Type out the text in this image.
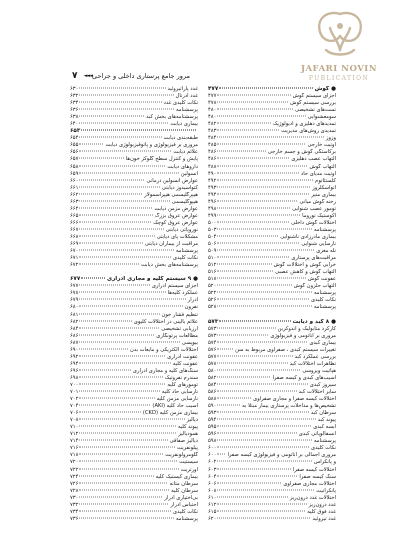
۷ ◄◄◄ مرور جامع پرستاری داخلی و جراحی
JAFARI NOVIN
PUBLICATION
غدد پاراتیروئید
۶۳۰
غدد آدرنال
۶۳۲
نکات کلیدی غدد
۶۳۴
پرسشنامه
۶۳۶
پرسشنامه‌های بخش کبد
۶۳۸
بیماری دیابت
۶۴۰
۶۵۳
طبقه‌بندی دیابت
۶۵۴
مروری بر فیزیولوژی و پاتوفیزیولوژی دیابت
۶۵۵
علائم دیابت
۶۵۶
پایش و کنترل سطح گلوکز خون‌ها
۶۵۷
داروهای دیابت
۶۵۸
انسولین
۶۵۹
عوارض انسولین درمانی
۶۶۰
کتواسیدوز دیابتی
۶۶۱
هیپرگلیسمی هیپراسمولار
۶۶۲
هیپوگلیسمی
۶۶۳
عوارض مزمن دیابت
۶۶۴
عوارض عروق بزرگ
۶۶۵
عوارض عروق کوچک
۶۶۶
نوروپاتی دیابتی
۶۶۷
مشکلات پای دیابتی
۶۶۸
مراقبت از بیماران دیابتی
۶۶۹
پرسشنامه
۶۷۰
نکات کلیدی
۶۷۱
پرسشنامه‌های بخش دیابت
۶۷۲
● ۹ سیستم کلیه و مجاری ادراری
۶۷۷
اجزای سیستم ادراری
۶۷۷
عملکرد کلیه‌ها
۶۷۸
ادرار
۶۷۹
نفرون
۶۸۰
تنظیم فشار خون
۶۸۱
علائم بالینی در اختلالات کلیوی
۶۸۲
ارزیابی تشخیصی
۶۸۴
مطالعات پرتونگاری
۶۸۶
بیوپسی
۶۸۷
اختلالات الکتریکی و مایعات بدن
۶۹۰
عفونت ادراری
۶۹۲
عفونت کلیه
۶۹۴
سنگ‌های کلیه و مجاری ادراری
۶۹۶
سندرم نفروتیک
۶۹۸
تومورهای کلیه
۷۰۰
نارسایی حاد کلیه
۷۰۱
نارسایی مزمن کلیه
۷۰۲
آسیب حاد کلیه (AKI)
۷۰۴
بیماری مزمن کلیه (CKD)
۷۰۶
دیالیز
۷۰۸
پیوند کلیه
۷۱۰
همودیالیز
۷۱۲
دیالیز صفاقی
۷۱۴
پیلونفریت
۷۱۶
گلومرولونفریت
۷۱۸
سیستیت
۷۲۰
اورتریت
۷۲۲
بیماری کیستیک کلیه
۷۲۴
سرطان مثانه
۷۲۶
سرطان کلیه
۷۲۸
بی‌اختیاری ادرار
۷۳۰
احتباس ادرار
۷۳۲
نکات کلیدی
۷۳۴
پرسشنامه
۷۳۶
● گوش
۴۷۷
اجزای سیستم گوش
۴۷۷
بررسی سیستم گوش
۴۷۸
تست‌های تشخیصی
۴۸۰
سومعشنوایی
۴۸۰
تمدیدهای دهلیزی و ادیولوژیک
۴۸۲
تمدیدی روش‌های مدیریت
۴۸۳
وزوز
۴۸۴
اوتیت خارجی
۴۸۵
برکاستگی گوش و جسم خارجی
۴۸۶
التهاب عصب دهلیزی
۴۸۶
التهاب گوش
۴۸۸
اوتیت مدیای حاد
۴۹۰
کلستئاتوم
۴۹۲
اتواسکلروز
۴۹۳
بیماری منیر
۴۹۴
رخنه گوش میانی
۴۹۶
تومور عصب شنوایی
۴۹۸
آکوستیک نوروما
۴۹۹
اختلالات گوش داخلی
۵۰۰
پرسشنامه
۵۰۳
بیماری مادرزادی ناشنوایی
۵۰۴
نارسایی شنوایی
۵۰۶
تله مغزی
۵۰۹
مراقبت‌های پرستاری
۵۱۰
خرابی گوش و اختلالات گوش
۵۱۲
التهاب گوش و کاهش عصبی
۵۱۶
عفونت گوش
۵۱۸
التهاب حلزون گوش
۵۲۰
پرسشنامه
۵۲۲
نکات کلیدی
۵۲۶
پرسشنامه
۵۲۸
● ۸ کبد و دیابت
۵۷۳
کارکرد متابولیک و اندوکرین
۵۷۳
مروری بر آناتومی و فیزیولوژی
۵۷۳
بیماری کبدی
۵۷۴
تغییرات سیستم کبدی ، صفراوی مربوط به سن
۵۷۶
بررسی عملکرد کبد
۵۷۷
تظاهرات اختلالات کبد
۵۷۸
هپاتیت ویروسی
۵۸۰
آسیب‌های کبدی و کیسه صفرا
۵۸۲
سیروز کبدی
۵۸۴
سایر اختلالات کبد
۵۸۶
اختلالات کیسه صفرا و مجاری صفراوی
۵۸۸
تشخیص‌ها و مداخلات پرستاری بیمار مبتلا به
۵۹۰
سرطان کبد
۵۹۳
پیوند کبد
۵۹۴
آبسه کبدی
۵۹۵
انسفالوپاتی کبدی
۵۹۶
پرسشنامه
۵۹۸
نکات کلیدی
۶۰۰
مروری اجمالی بر آناتومی و فیزیولوژی کیسه صفرا
۶۰۰
و پانکراس
۶۰۲
اختلالات کیسه صفرا
۶۰۳
سنگ کیسه صفرا
۶۰۴
اختلالات مجاری صفراوی
۶۰۶
پانکراتیت
۶۰۸
اختلالات غدد درون‌ریز
۶۱۰
غدد درون‌ریز
۶۱۲
غدد فوق کلیه
۶۱۵
غدد تیروئید
۶۲۰
